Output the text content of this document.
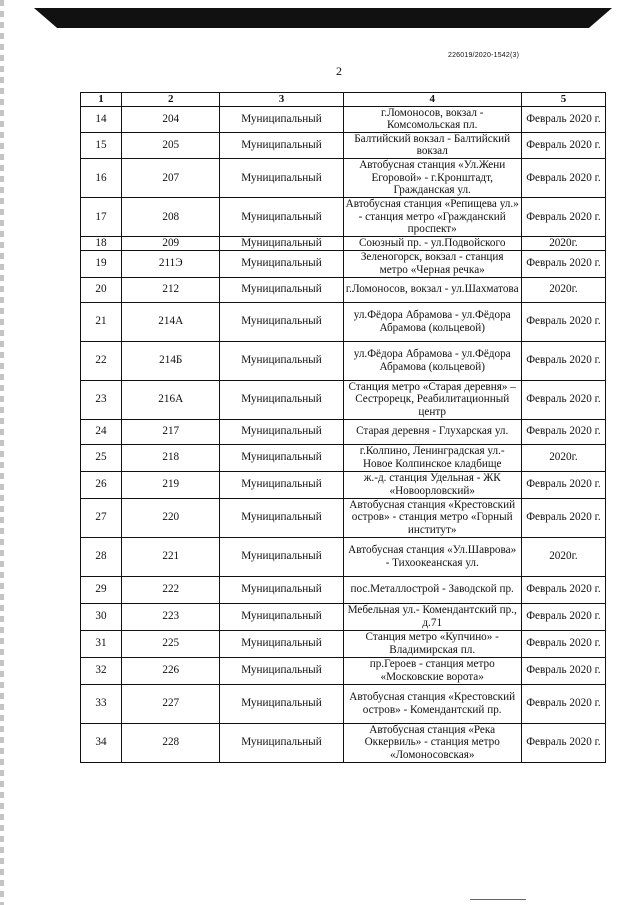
226019/2020-1542(3)
2
1	2	3	4	5
14	204	Муниципальный	г.Ломоносов, вокзал - Комсомольская пл.	Февраль 2020 г.
15	205	Муниципальный	Балтийский вокзал - Балтийский вокзал	Февраль 2020 г.
16	207	Муниципальный	Автобусная станция «Ул.Жени Егоровой» - г.Кронштадт, Гражданская ул.	Февраль 2020 г.
17	208	Муниципальный	Автобусная станция «Репищева ул.» - станция метро «Гражданский проспект»	Февраль 2020 г.
18	209	Муниципальный	Союзный пр. - ул.Подвойского	2020г.
19	211Э	Муниципальный	Зеленогорск, вокзал - станция метро «Черная речка»	Февраль 2020 г.
20	212	Муниципальный	г.Ломоносов, вокзал - ул.Шахматова	2020г.
21	214А	Муниципальный	ул.Фёдора Абрамова - ул.Фёдора Абрамова (кольцевой)	Февраль 2020 г.
22	214Б	Муниципальный	ул.Фёдора Абрамова - ул.Фёдора Абрамова (кольцевой)	Февраль 2020 г.
23	216А	Муниципальный	Станция метро «Старая деревня» – Сестрорецк, Реабилитационный центр	Февраль 2020 г.
24	217	Муниципальный	Старая деревня - Глухарская ул.	Февраль 2020 г.
25	218	Муниципальный	г.Колпино, Ленинградская ул.- Новое Колпинское кладбище	2020г.
26	219	Муниципальный	ж.-д. станция Удельная - ЖК «Новоорловский»	Февраль 2020 г.
27	220	Муниципальный	Автобусная станция «Крестовский остров» - станция метро «Горный институт»	Февраль 2020 г.
28	221	Муниципальный	Автобусная станция «Ул.Шаврова» - Тихоокеанская ул.	2020г.
29	222	Муниципальный	пос.Металлострой - Заводской пр.	Февраль 2020 г.
30	223	Муниципальный	Мебельная ул.- Комендантский пр., д.71	Февраль 2020 г.
31	225	Муниципальный	Станция метро «Купчино» - Владимирская пл.	Февраль 2020 г.
32	226	Муниципальный	пр.Героев - станция метро «Московские ворота»	Февраль 2020 г.
33	227	Муниципальный	Автобусная станция «Крестовский остров» - Комендантский пр.	Февраль 2020 г.
34	228	Муниципальный	Автобусная станция «Река Оккервиль» - станция метро «Ломоносовская»	Февраль 2020 г.
